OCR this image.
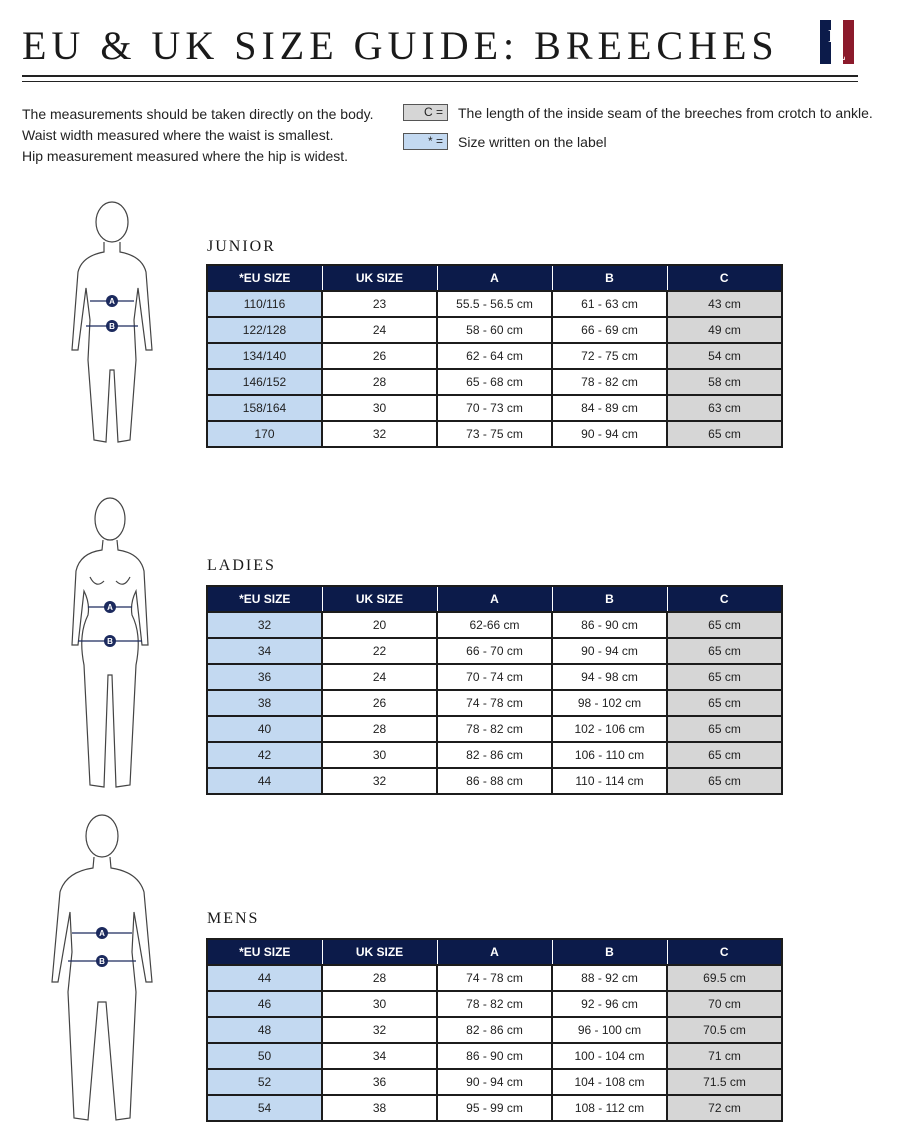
EU & UK SIZE GUIDE: BREECHES	K
L
The measurements should be taken directly on the body.
Waist width measured where the waist is smallest.
Hip measurement measured where the hip is widest.
C =	The length of the inside seam of the breeches from crotch to ankle.
* =	Size written on the label
A
B
JUNIOR
*EU SIZE	UK SIZE	A	B	C
110/116	23	55.5 - 56.5 cm	61 - 63 cm	43 cm
122/128	24	58 - 60 cm	66 - 69 cm	49 cm
134/140	26	62 - 64 cm	72 - 75 cm	54 cm
146/152	28	65 - 68 cm	78 - 82 cm	58 cm
158/164	30	70 - 73 cm	84 - 89 cm	63 cm
170	32	73 - 75 cm	90 - 94 cm	65 cm
A
B
LADIES
*EU SIZE	UK SIZE	A	B	C
32	20	62-66 cm	86 - 90 cm	65 cm
34	22	66 - 70 cm	90 - 94 cm	65 cm
36	24	70 - 74 cm	94 - 98 cm	65 cm
38	26	74 - 78 cm	98 - 102 cm	65 cm
40	28	78 - 82 cm	102 - 106 cm	65 cm
42	30	82 - 86 cm	106 - 110 cm	65 cm
44	32	86 - 88 cm	110 - 114 cm	65 cm
A
B
MENS
*EU SIZE	UK SIZE	A	B	C
44	28	74 - 78 cm	88 - 92 cm	69.5 cm
46	30	78 - 82 cm	92 - 96 cm	70 cm
48	32	82 - 86 cm	96 - 100 cm	70.5 cm
50	34	86 - 90 cm	100 - 104 cm	71 cm
52	36	90 - 94 cm	104 - 108 cm	71.5 cm
54	38	95 - 99 cm	108 - 112 cm	72 cm
